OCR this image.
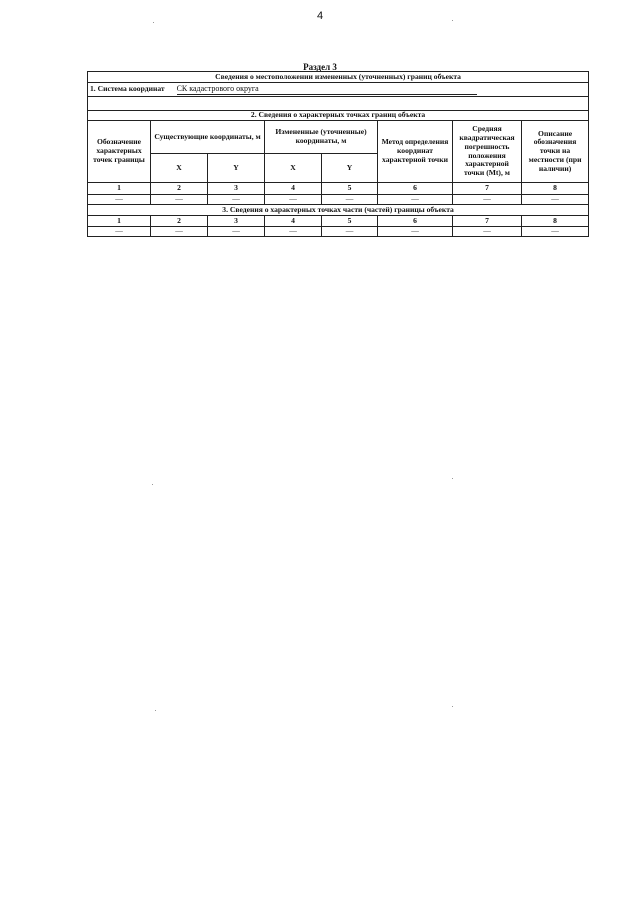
4
Раздел 3
Сведения о местоположении измененных (уточненных) границ объекта							
1. Система координат СК кадастрового округа							

2. Сведения о характерных точках границ объекта							
Обозначение характерных точек границы	Существующие координаты, м		Измененные (уточненные) координаты, м		Метод определения координат характерной точки	Средняя квадратическая погрешность положения характерной точки (Mt), м	Описание обозначения точки на местности (при наличии)
	X	Y	X	Y			
1	2	3	4	5	6	7	8
—	—	—	—	—	—	—	—
3. Сведения о характерных точках части (частей) границы объекта							
1	2	3	4	5	6	7	8
—	—	—	—	—	—	—	—
